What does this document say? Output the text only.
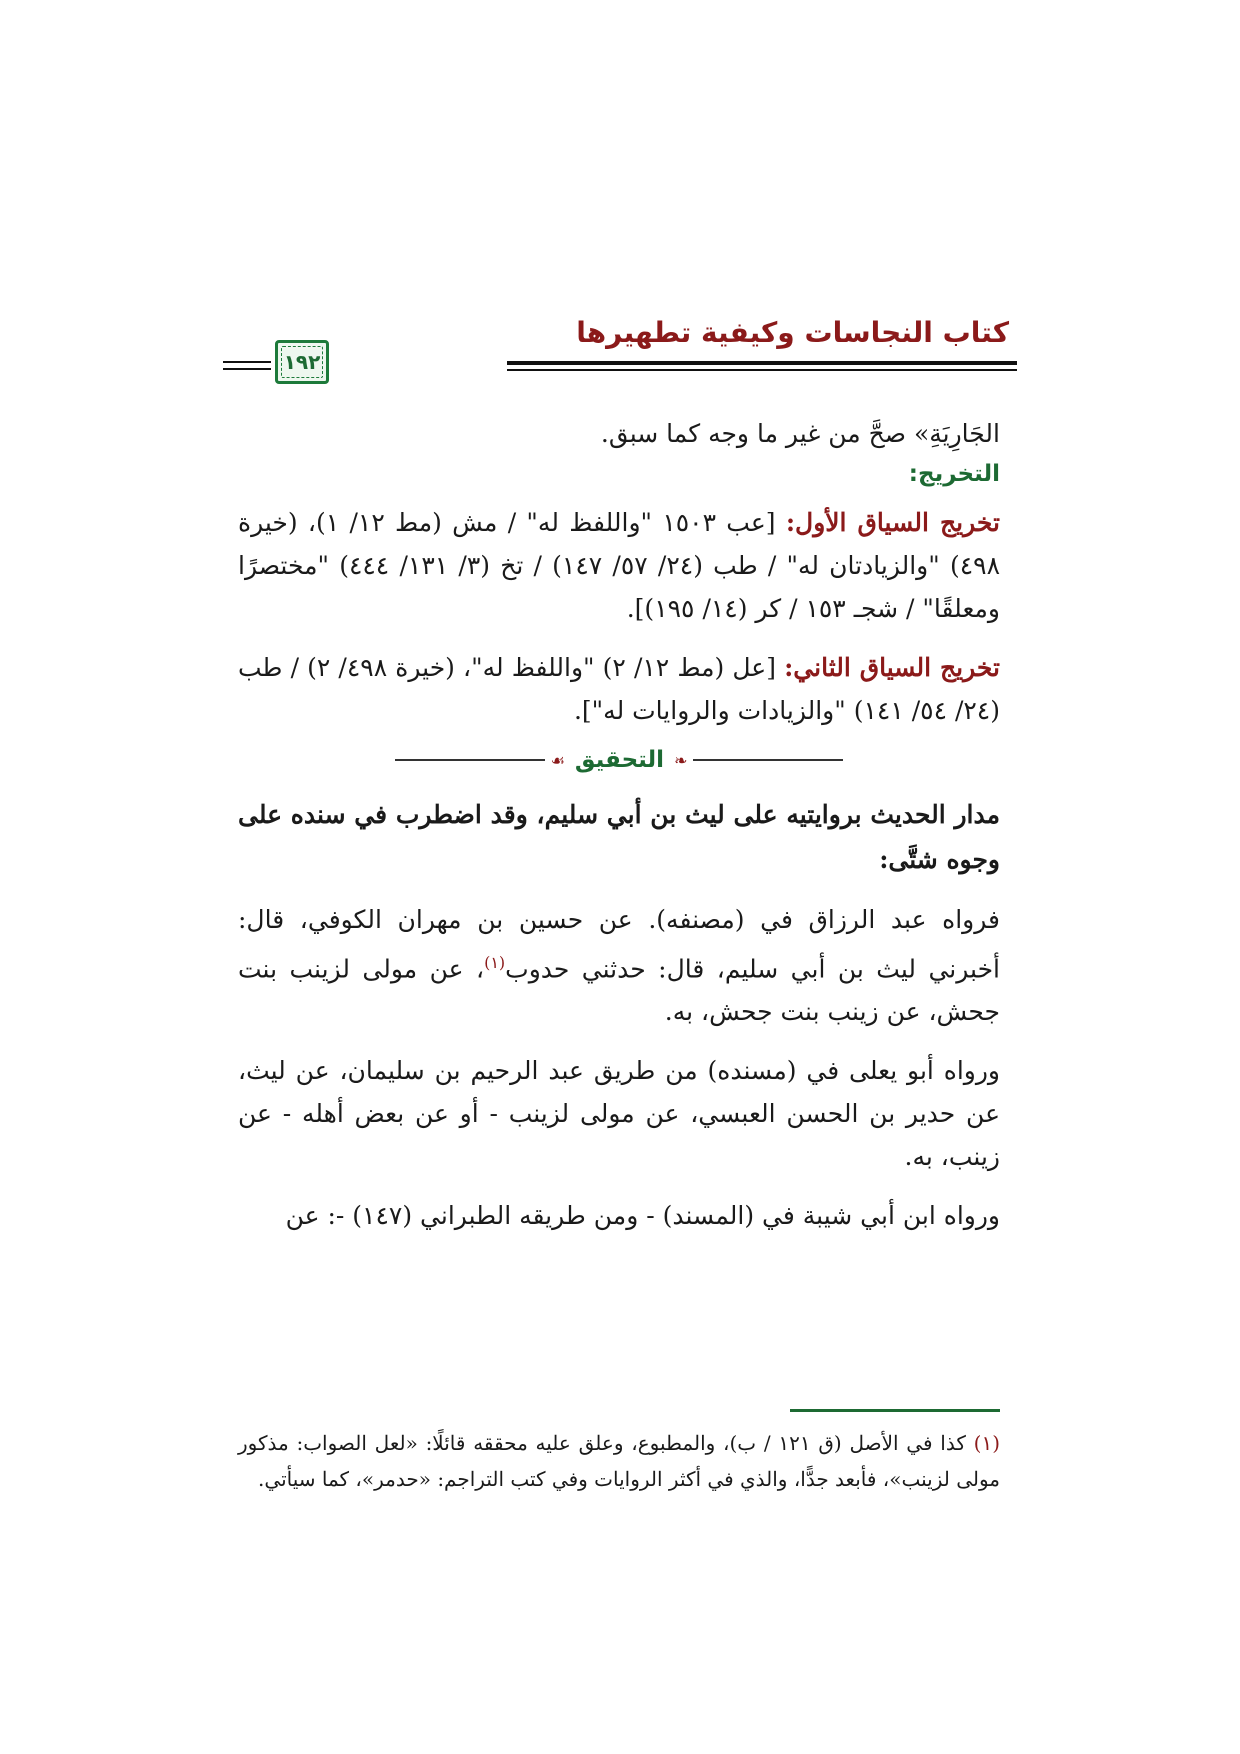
كتاب النجاسات وكيفية تطهيرها
١٩٢

الجَارِيَةِ» صحَّ من غير ما وجه كما سبق.

التخريج:

تخريج السياق الأول: [عب ١٥٠٣ "واللفظ له" / مش (مط ١٢/ ١)، (خيرة ٤٩٨) "والزيادتان له" / طب (٢٤/ ٥٧/ ١٤٧) / تخ (٣/ ١٣١/ ٤٤٤) "مختصرًا ومعلقًا" / شجـ ١٥٣ / كر (١٤/ ١٩٥)].

تخريج السياق الثاني: [عل (مط ١٢/ ٢) "واللفظ له"، (خيرة ٤٩٨/ ٢) / طب (٢٤/ ٥٤/ ١٤١) "والزيادات والروايات له"].

❧
التحقيق
☙

مدار الحديث بروايتيه على ليث بن أبي سليم، وقد اضطرب في سنده على وجوه شتَّى:

فرواه عبد الرزاق في (مصنفه). عن حسين بن مهران الكوفي، قال: أخبرني ليث بن أبي سليم، قال: حدثني حدوب$^{(١)}$، عن مولى لزينب بنت جحش، عن زينب بنت جحش، به.

ورواه أبو يعلى في (مسنده) من طريق عبد الرحيم بن سليمان، عن ليث، عن حدير بن الحسن العبسي، عن مولى لزينب - أو عن بعض أهله - عن زينب، به.

ورواه ابن أبي شيبة في (المسند) - ومن طريقه الطبراني (١٤٧) -: عن

(١) كذا في الأصل (ق ١٢١ / ب)، والمطبوع، وعلق عليه محققه قائلًا: «لعل الصواب: مذكور مولى لزينب»، فأبعد جدًّا، والذي في أكثر الروايات وفي كتب التراجم: «حدمر»، كما سيأتي.
